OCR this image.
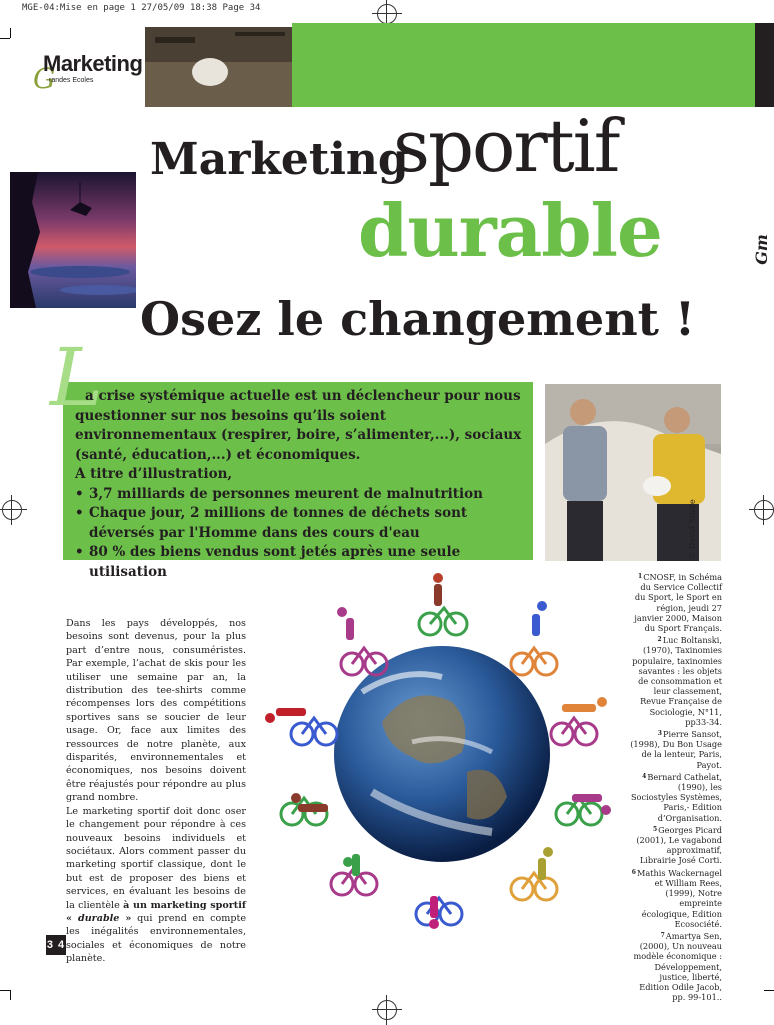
MGE-04:Mise en page 1 27/05/09 18:38 Page 34
G
Marketing
randes Ecoles
Marketing
sportif
durable
Osez le changement !
Gm
L

a crise systémique actuelle est un déclencheur pour nous questionner sur nos besoins qu’ils soient environnementaux (respirer, boire, s’alimenter,...), sociaux (santé, éducation,...) et économiques.

A titre d’illustration,

• 3,7 milliards de personnes meurent de malnutrition
• Chaque jour, 2 millions de tonnes de déchets sont déversés par l'Homme dans des cours d'eau
• 80 % des biens vendus sont jetés après une seule utilisation
© David Maire

Dans les pays développés, nos besoins sont devenus, pour la plus part d’entre nous, consuméristes. Par exemple, l’achat de skis pour les utiliser une semaine par an, la distribution des tee-shirts comme récompenses lors des compétitions sportives sans se soucier de leur usage. Or, face aux limites des ressources de notre planète, aux disparités, environnementales et économiques, nos besoins doivent être réajustés pour répondre au plus grand nombre.

Le marketing sportif doit donc oser le changement pour répondre à ces nouveaux besoins individuels et sociétaux. Alors comment passer du marketing sportif classique, dont le but est de proposer des biens et services, en évaluant les besoins de la clientèle à un marketing sportif « durable » qui prend en compte les inégalités environnementales, sociales et économiques de notre planète.

$^1$CNOSF, in Schéma du Service Collectif du Sport, le Sport en région, jeudi 27 janvier 2000, Maison du Sport Français.

$^2$Luc Boltanski, (1970), Taxinomies populaire, taxinomies savantes : les objets de consommation et leur classement, Revue Française de Sociologie, N°11, pp33-34.

$^3$Pierre Sansot, (1998), Du Bon Usage de la lenteur, Paris, Payot.

$^4$Bernard Cathelat, (1990), les Sociostyles Systèmes, Paris,- Edition d’Organisation.

$^5$Georges Picard (2001), Le vagabond approximatif, Librairie José Corti.

$^6$Mathis Wackernagel et William Rees, (1999), Notre empreinte écologique, Edition Ecosociété.

$^7$Amartya Sen, (2000), Un nouveau modèle économique : Développement, justice, liberté, Edition Odile Jacob, pp. 99-101..

3 4
